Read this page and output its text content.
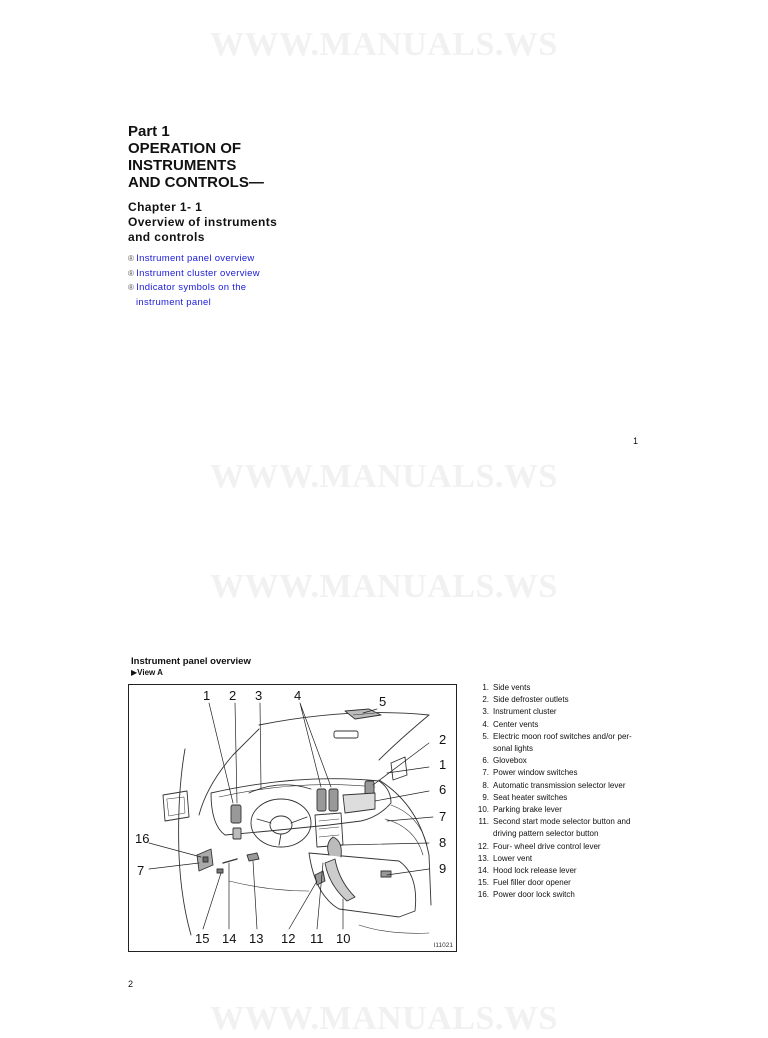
WWW.MANUALS.WS
WWW.MANUALS.WS
WWW.MANUALS.WS
WWW.MANUALS.WS
Part 1
OPERATION OF
INSTRUMENTS
AND CONTROLS—
Chapter 1- 1
Overview of instruments
and controls
® Instrument panel overview
® Instrument cluster overview
® Indicator symbols on the
instrument panel
1
Instrument panel overview
▶View A
1 2 3 4	5
2
1
6
7
16
7
8
9
15 14 13 12 11 10	I11021
1. Side vents
2. Side defroster outlets
3. Instrument cluster
4. Center vents
5. Electric moon roof switches and/or per-
sonal lights
6. Glovebox
7. Power window switches
8. Automatic transmission selector lever
9. Seat heater switches
10. Parking brake lever
11. Second start mode selector button and
driving pattern selector button
12. Four- wheel drive control lever
13. Lower vent
14. Hood lock release lever
15. Fuel filler door opener
16. Power door lock switch
2
